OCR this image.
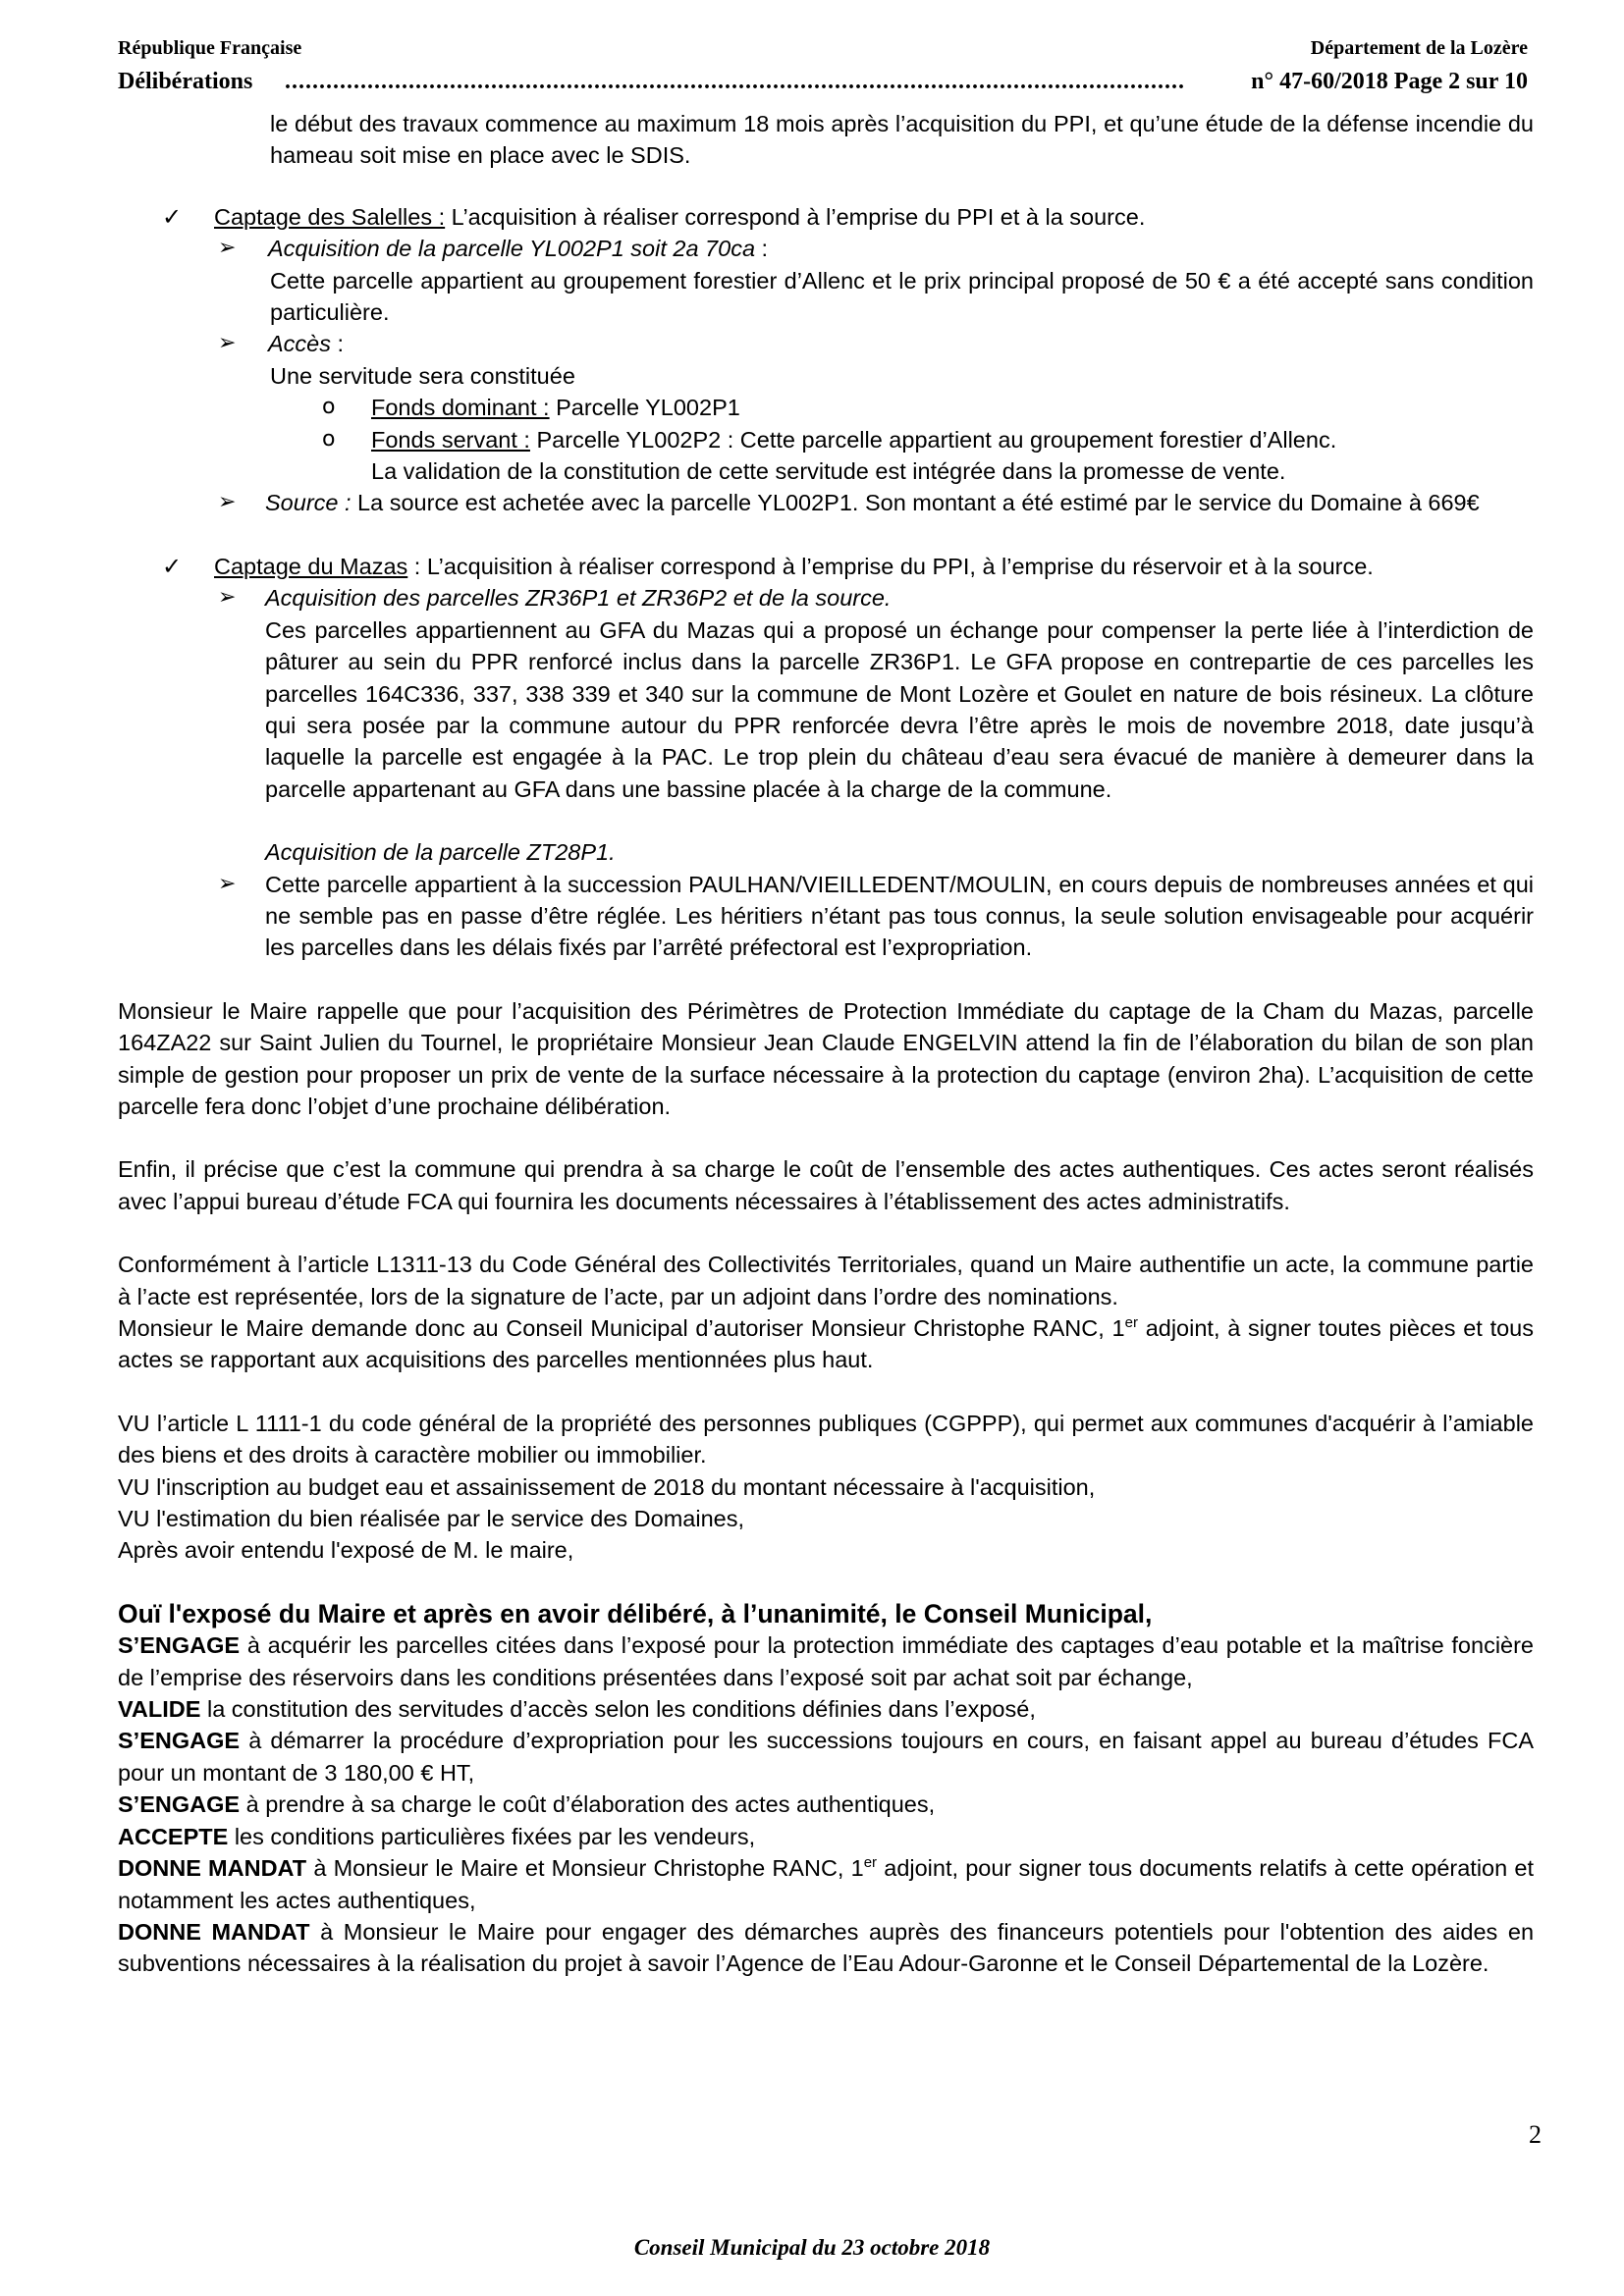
République Française	Département de la Lozère
Délibérations ...................................................................................................................................	n° 47-60/2018 Page 2 sur 10

le début des travaux commence au maximum 18 mois après l’acquisition du PPI, et qu’une étude de la défense incendie du hameau soit mise en place avec le SDIS.

✓ Captage des Salelles : L’acquisition à réaliser correspond à l’emprise du PPI et à la source.
➢ Acquisition de la parcelle YL002P1 soit 2a 70ca :

Cette parcelle appartient au groupement forestier d’Allenc et le prix principal proposé de 50 € a été accepté sans condition particulière.

➢ Accès :

Une servitude sera constituée

o Fonds dominant : Parcelle YL002P1
o Fonds servant : Parcelle YL002P2 : Cette parcelle appartient au groupement forestier d’Allenc.

La validation de la constitution de cette servitude est intégrée dans la promesse de vente.

➢ Source : La source est achetée avec la parcelle YL002P1. Son montant a été estimé par le service du Domaine à 669€
✓ Captage du Mazas : L’acquisition à réaliser correspond à l’emprise du PPI, à l’emprise du réservoir et à la source.
➢ Acquisition des parcelles ZR36P1 et ZR36P2 et de la source.

Ces parcelles appartiennent au GFA du Mazas qui a proposé un échange pour compenser la perte liée à l’interdiction de pâturer au sein du PPR renforcé inclus dans la parcelle ZR36P1. Le GFA propose en contrepartie de ces parcelles les parcelles 164C336, 337, 338 339 et 340 sur la commune de Mont Lozère et Goulet en nature de bois résineux. La clôture qui sera posée par la commune autour du PPR renforcée devra l’être après le mois de novembre 2018, date jusqu’à laquelle la parcelle est engagée à la PAC. Le trop plein du château d’eau sera évacué de manière à demeurer dans la parcelle appartenant au GFA dans une bassine placée à la charge de la commune.

Acquisition de la parcelle ZT28P1.

➢ Cette parcelle appartient à la succession PAULHAN/VIEILLEDENT/MOULIN, en cours depuis de nombreuses années et qui ne semble pas en passe d’être réglée. Les héritiers n’étant pas tous connus, la seule solution envisageable pour acquérir les parcelles dans les délais fixés par l’arrêté préfectoral est l’expropriation.

Monsieur le Maire rappelle que pour l’acquisition des Périmètres de Protection Immédiate du captage de la Cham du Mazas, parcelle 164ZA22 sur Saint Julien du Tournel, le propriétaire Monsieur Jean Claude ENGELVIN attend la fin de l’élaboration du bilan de son plan simple de gestion pour proposer un prix de vente de la surface nécessaire à la protection du captage (environ 2ha). L’acquisition de cette parcelle fera donc l’objet d’une prochaine délibération.

Enfin, il précise que c’est la commune qui prendra à sa charge le coût de l’ensemble des actes authentiques. Ces actes seront réalisés avec l’appui bureau d’étude FCA qui fournira les documents nécessaires à l’établissement des actes administratifs.

Conformément à l’article L1311-13 du Code Général des Collectivités Territoriales, quand un Maire authentifie un acte, la commune partie à l’acte est représentée, lors de la signature de l’acte, par un adjoint dans l’ordre des nominations.

Monsieur le Maire demande donc au Conseil Municipal d’autoriser Monsieur Christophe RANC, 1er adjoint, à signer toutes pièces et tous actes se rapportant aux acquisitions des parcelles mentionnées plus haut.

VU l’article L 1111-1 du code général de la propriété des personnes publiques (CGPPP), qui permet aux communes d'acquérir à l’amiable des biens et des droits à caractère mobilier ou immobilier.

VU l'inscription au budget eau et assainissement de 2018 du montant nécessaire à l'acquisition,

VU l'estimation du bien réalisée par le service des Domaines,

Après avoir entendu l'exposé de M. le maire,

Ouï l'exposé du Maire et après en avoir délibéré, à l’unanimité, le Conseil Municipal,

S’ENGAGE à acquérir les parcelles citées dans l’exposé pour la protection immédiate des captages d’eau potable et la maîtrise foncière de l’emprise des réservoirs dans les conditions présentées dans l’exposé soit par achat soit par échange,

VALIDE la constitution des servitudes d’accès selon les conditions définies dans l’exposé,

S’ENGAGE à démarrer la procédure d’expropriation pour les successions toujours en cours, en faisant appel au bureau d’études FCA pour un montant de 3 180,00 € HT,

S’ENGAGE à prendre à sa charge le coût d’élaboration des actes authentiques,

ACCEPTE les conditions particulières fixées par les vendeurs,

DONNE MANDAT à Monsieur le Maire et Monsieur Christophe RANC, 1er adjoint, pour signer tous documents relatifs à cette opération et notamment les actes authentiques,

DONNE MANDAT à Monsieur le Maire pour engager des démarches auprès des financeurs potentiels pour l'obtention des aides en subventions nécessaires à la réalisation du projet à savoir l’Agence de l’Eau Adour-Garonne et le Conseil Départemental de la Lozère.

2
Conseil Municipal du 23 octobre 2018
